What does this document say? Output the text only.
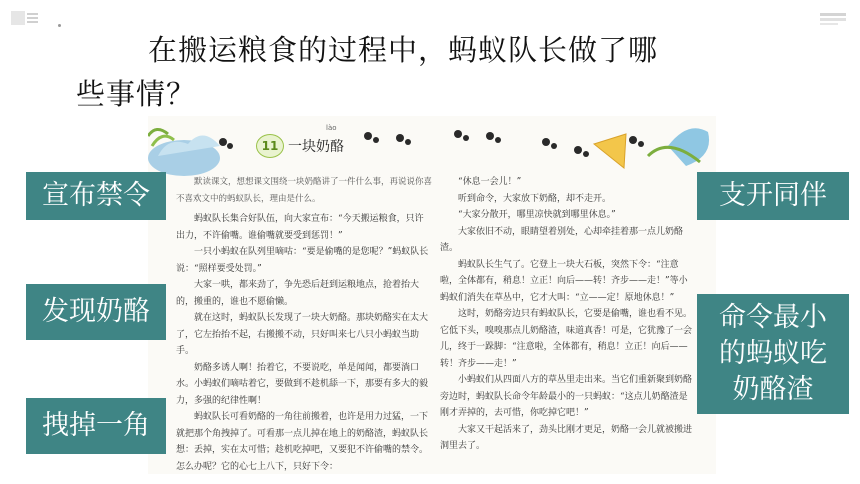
在搬运粮食的过程中，蚂蚁队长做了哪
些事情？
11 一块奶酪
lào

默读课文，想想课文围绕一块奶酪讲了一件什么事，再说说你喜不喜欢文中的蚂蚁队长，理由是什么。

蚂蚁队长集合好队伍，向大家宣布：“今天搬运粮食，只许出力，不许偷嘴。谁偷嘴就要受到惩罚！”

一只小蚂蚁在队列里嘀咕：“要是偷嘴的是您呢？”蚂蚁队长说：“照样要受处罚。”

大家一哄，都来劲了，争先恐后赶到运粮地点，抢着抬大的，搬重的，谁也不愿偷懒。

就在这时，蚂蚁队长发现了一块大奶酪。那块奶酪实在太大了，它左抬抬不起，右搬搬不动，只好叫来七八只小蚂蚁当助手。

奶酪多诱人啊！抬着它，不要说吃，单是闻闻，都要淌口水。小蚂蚁们嘀咕着它，要做到不趁机舔一下，那要有多大的毅力，多强的纪律性啊！

蚂蚁队长可看奶酪的一角往前搬着，也许是用力过猛，一下就把那个角拽掉了。可看那一点儿掉在地上的奶酪渣，蚂蚁队长想：丢掉，实在太可惜；趁机吃掉吧，又要犯不许偷嘴的禁令。怎么办呢？它的心七上八下，只好下令：

“休息一会儿！”

听到命令，大家放下奶酪，却不走开。

“大家分散开，哪里凉快就到哪里休息。”

大家依旧不动，眼睛望着别处，心却牵挂着那一点儿奶酪渣。

蚂蚁队长生气了。它登上一块大石板，突然下令：“注意啦，全体都有，稍息！立正！向后——转！齐步——走！”等小蚂蚁们消失在草丛中，它才大叫：“立——定！原地休息！”

这时，奶酪旁边只有蚂蚁队长，它要是偷嘴，谁也看不见。它低下头，嗅嗅那点儿奶酪渣，味道真香！可是，它犹豫了一会儿，终于一跺脚：“注意啦，全体都有，稍息！立正！向后——转！齐步——走！”

小蚂蚁们从四面八方的草丛里走出来。当它们重新聚到奶酪旁边时，蚂蚁队长命令年龄最小的一只蚂蚁：“这点儿奶酪渣是刚才弄掉的，去可惜，你吃掉它吧！”

大家又干起活来了，劲头比刚才更足，奶酪一会儿就被搬进洞里去了。

宣布禁令
发现奶酪
拽掉一角
支开同伴
命令最小
的蚂蚁吃
奶酪渣
